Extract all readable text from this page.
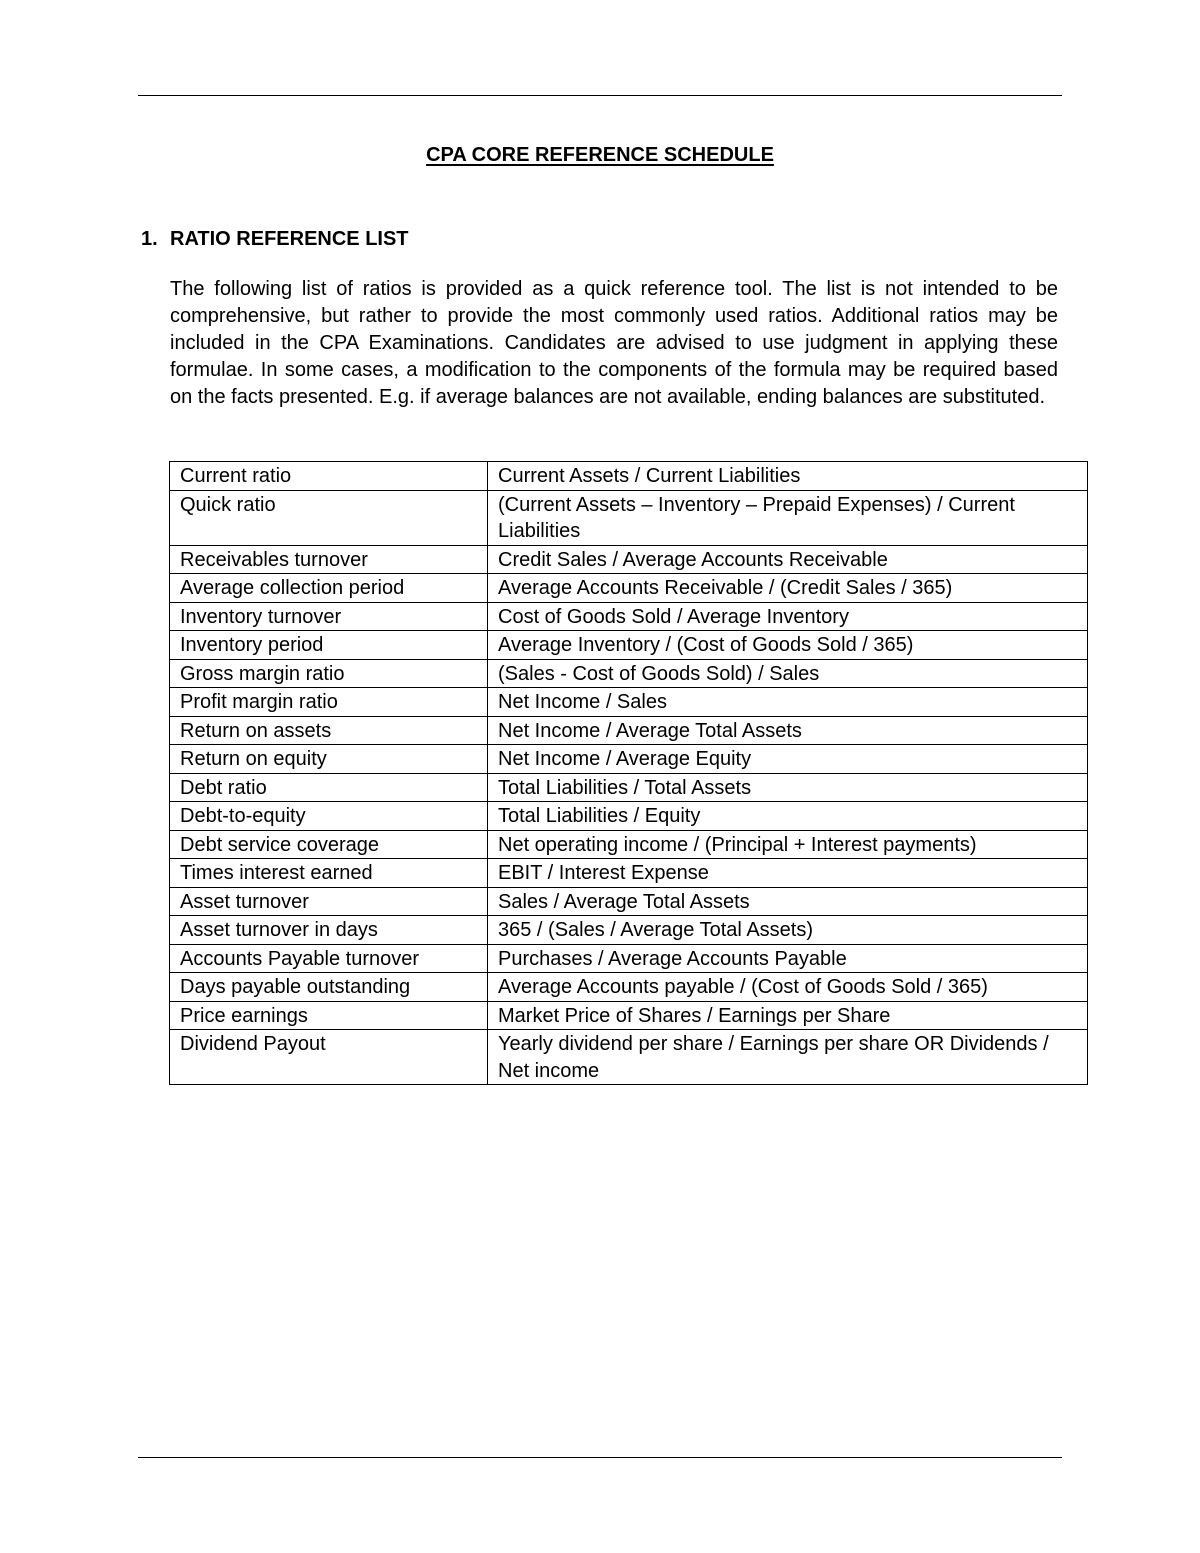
CPA CORE REFERENCE SCHEDULE
1. RATIO REFERENCE LIST

The following list of ratios is provided as a quick reference tool. The list is not intended to be comprehensive, but rather to provide the most commonly used ratios. Additional ratios may be included in the CPA Examinations. Candidates are advised to use judgment in applying these formulae. In some cases, a modification to the components of the formula may be required based on the facts presented. E.g. if average balances are not available, ending balances are substituted.

Current ratio	Current Assets / Current Liabilities
Quick ratio	(Current Assets – Inventory – Prepaid Expenses) / Current Liabilities
Receivables turnover	Credit Sales / Average Accounts Receivable
Average collection period	Average Accounts Receivable / (Credit Sales / 365)
Inventory turnover	Cost of Goods Sold / Average Inventory
Inventory period	Average Inventory / (Cost of Goods Sold / 365)
Gross margin ratio	(Sales - Cost of Goods Sold) / Sales
Profit margin ratio	Net Income / Sales
Return on assets	Net Income / Average Total Assets
Return on equity	Net Income / Average Equity
Debt ratio	Total Liabilities / Total Assets
Debt-to-equity	Total Liabilities / Equity
Debt service coverage	Net operating income / (Principal + Interest payments)
Times interest earned	EBIT / Interest Expense
Asset turnover	Sales / Average Total Assets
Asset turnover in days	365 / (Sales / Average Total Assets)
Accounts Payable turnover	Purchases / Average Accounts Payable
Days payable outstanding	Average Accounts payable / (Cost of Goods Sold / 365)
Price earnings	Market Price of Shares / Earnings per Share
Dividend Payout	Yearly dividend per share / Earnings per share OR Dividends / Net income
